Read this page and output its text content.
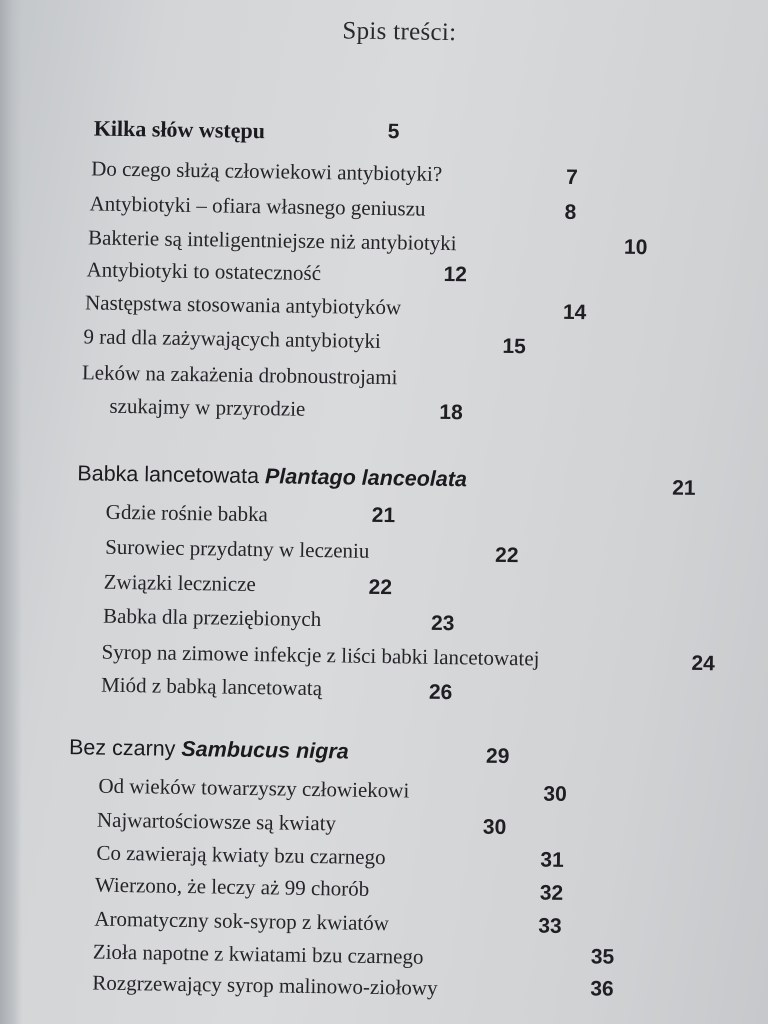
Spis treści:
Kilka słów wstępu	5
Do czego służą człowiekowi antybiotyki?	7
Antybiotyki – ofiara własnego geniuszu	8
Bakterie są inteligentniejsze niż antybiotyki	10
Antybiotyki to ostateczność	12
Następstwa stosowania antybiotyków	14
9 rad dla zażywających antybiotyki	15
Leków na zakażenia drobnoustrojami
szukajmy w przyrodzie	18
Babka lancetowata Plantago lanceolata	21
Gdzie rośnie babka	21
Surowiec przydatny w leczeniu	22
Związki lecznicze	22
Babka dla przeziębionych	23
Syrop na zimowe infekcje z liści babki lancetowatej	24
Miód z babką lancetowatą	26
Bez czarny Sambucus nigra	29
Od wieków towarzyszy człowiekowi	30
Najwartościowsze są kwiaty	30
Co zawierają kwiaty bzu czarnego	31
Wierzono, że leczy aż 99 chorób	32
Aromatyczny sok-syrop z kwiatów	33
Zioła napotne z kwiatami bzu czarnego	35
Rozgrzewający syrop malinowo-ziołowy	36
